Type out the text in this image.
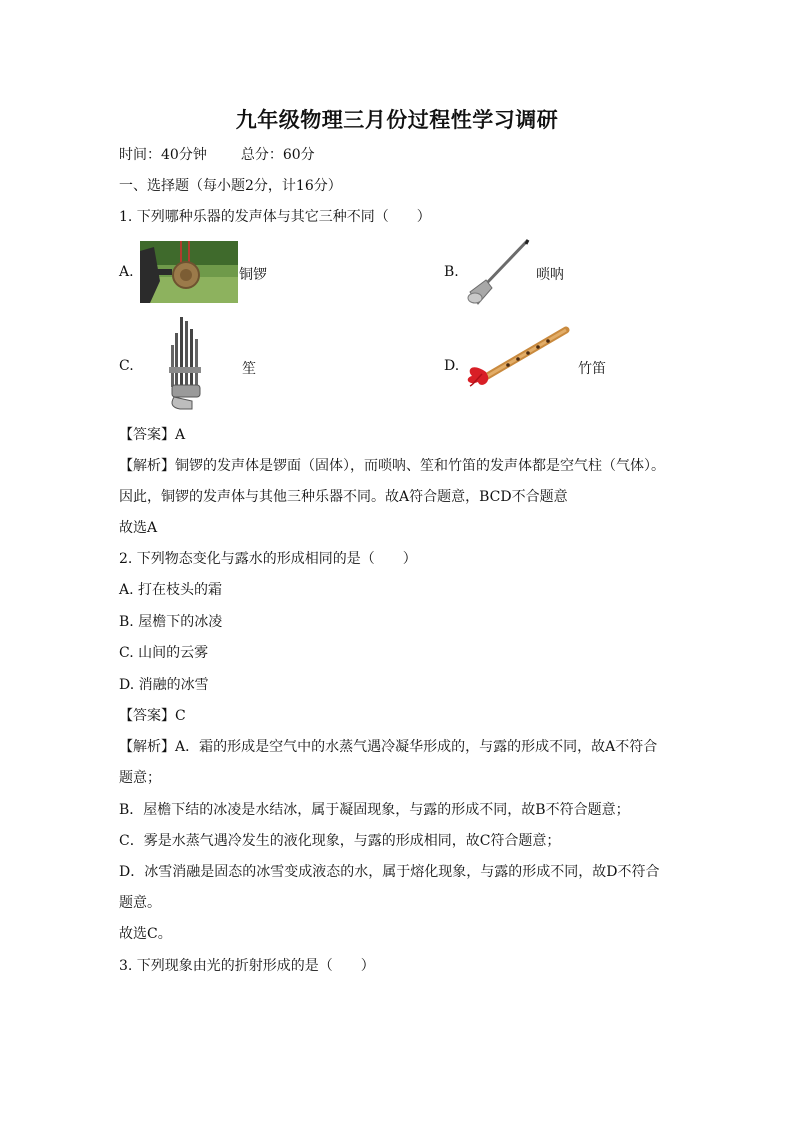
九年级物理三月份过程性学习调研
时间：40分钟 总分：60分
一、选择题（每小题2分，计16分）
1. 下列哪种乐器的发声体与其它三种不同（　　）
A.	铜锣	B.	唢呐
C.	笙	D.	竹笛
【答案】A
【解析】铜锣的发声体是锣面（固体），而唢呐、笙和竹笛的发声体都是空气柱（气体）。
因此，铜锣的发声体与其他三种乐器不同。故A符合题意，BCD不合题意
故选A
2. 下列物态变化与露水的形成相同的是（　　）
A. 打在枝头的霜
B. 屋檐下的冰凌
C. 山间的云雾
D. 消融的冰雪
【答案】C
【解析】A．霜的形成是空气中的水蒸气遇冷凝华形成的，与露的形成不同，故A不符合
题意；
B．屋檐下结的冰凌是水结冰，属于凝固现象，与露的形成不同，故B不符合题意；
C．雾是水蒸气遇冷发生的液化现象，与露的形成相同，故C符合题意；
D．冰雪消融是固态的冰雪变成液态的水，属于熔化现象，与露的形成不同，故D不符合
题意。
故选C。
3. 下列现象由光的折射形成的是（　　）
